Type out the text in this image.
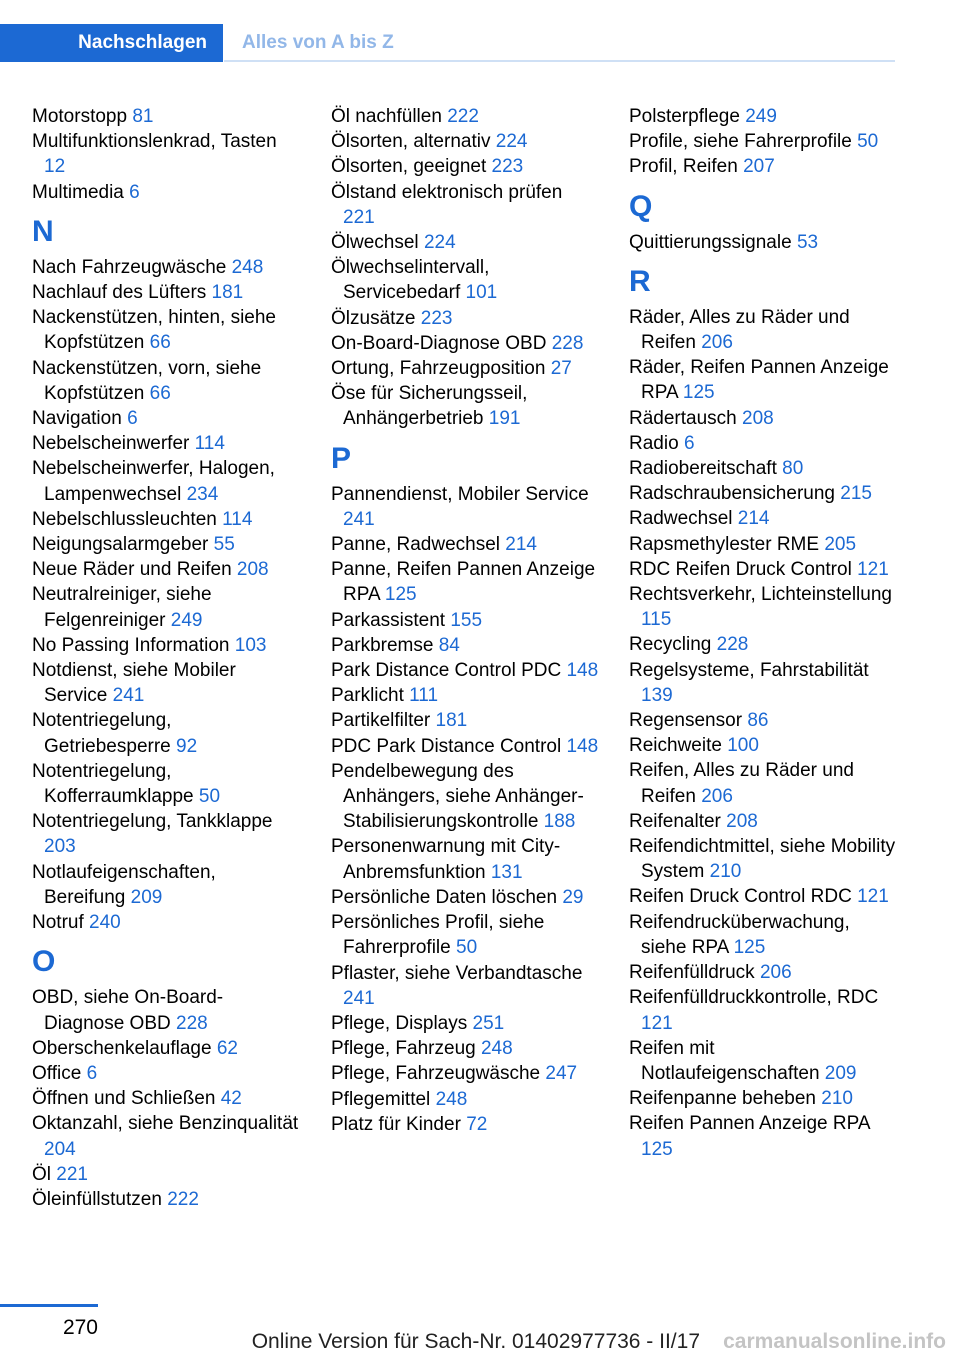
Nachschlagen Alles von A bis Z
Motorstopp 81
Multifunktionslenkrad, Tasten 12
Multimedia 6
N
Nach Fahrzeugwäsche 248
Nachlauf des Lüfters 181
Nackenstützen, hinten, siehe Kopfstützen 66
Nackenstützen, vorn, siehe Kopfstützen 66
Navigation 6
Nebelscheinwerfer 114
Nebelscheinwerfer, Halogen, Lampenwechsel 234
Nebelschlussleuchten 114
Neigungsalarmgeber 55
Neue Räder und Reifen 208
Neutralreiniger, siehe Felgenreiniger 249
No Passing Information 103
Notdienst, siehe Mobiler Service 241
Notentriegelung, Getriebesperre 92
Notentriegelung, Kofferraumklappe 50
Notentriegelung, Tankklappe 203
Notlaufeigenschaften, Bereifung 209
Notruf 240
O
OBD, siehe On-Board-Diagnose OBD 228
Oberschenkelauflage 62
Office 6
Öffnen und Schließen 42
Oktanzahl, siehe Benzinqualität 204
Öl 221
Öleinfüllstutzen 222
Öl nachfüllen 222
Ölsorten, alternativ 224
Ölsorten, geeignet 223
Ölstand elektronisch prüfen 221
Ölwechsel 224
Ölwechselintervall, Servicebedarf 101
Ölzusätze 223
On-Board-Diagnose OBD 228
Ortung, Fahrzeugposition 27
Öse für Sicherungsseil, Anhängerbetrieb 191
P
Pannendienst, Mobiler Service 241
Panne, Radwechsel 214
Panne, Reifen Pannen Anzeige RPA 125
Parkassistent 155
Parkbremse 84
Park Distance Control PDC 148
Parklicht 111
Partikelfilter 181
PDC Park Distance Control 148
Pendelbewegung des Anhängers, siehe Anhänger-Stabilisierungskontrolle 188
Personenwarnung mit City-Anbremsfunktion 131
Persönliche Daten löschen 29
Persönliches Profil, siehe Fahrerprofile 50
Pflaster, siehe Verbandtasche 241
Pflege, Displays 251
Pflege, Fahrzeug 248
Pflege, Fahrzeugwäsche 247
Pflegemittel 248
Platz für Kinder 72
Polsterpflege 249
Profile, siehe Fahrerprofile 50
Profil, Reifen 207
Q
Quittierungssignale 53
R
Räder, Alles zu Räder und Reifen 206
Räder, Reifen Pannen Anzeige RPA 125
Rädertausch 208
Radio 6
Radiobereitschaft 80
Radschraubensicherung 215
Radwechsel 214
Rapsmethylester RME 205
RDC Reifen Druck Control 121
Rechtsverkehr, Lichteinstellung 115
Recycling 228
Regelsysteme, Fahrstabilität 139
Regensensor 86
Reichweite 100
Reifen, Alles zu Räder und Reifen 206
Reifenalter 208
Reifendichtmittel, siehe Mobility System 210
Reifen Druck Control RDC 121
Reifendrucküberwachung, siehe RPA 125
Reifenfülldruck 206
Reifenfülldruckkontrolle, RDC 121
Reifen mit Notlaufeigenschaften 209
Reifenpanne beheben 210
Reifen Pannen Anzeige RPA 125
270
Online Version für Sach-Nr. 01402977736 - II/17 carmanualsonline.info
